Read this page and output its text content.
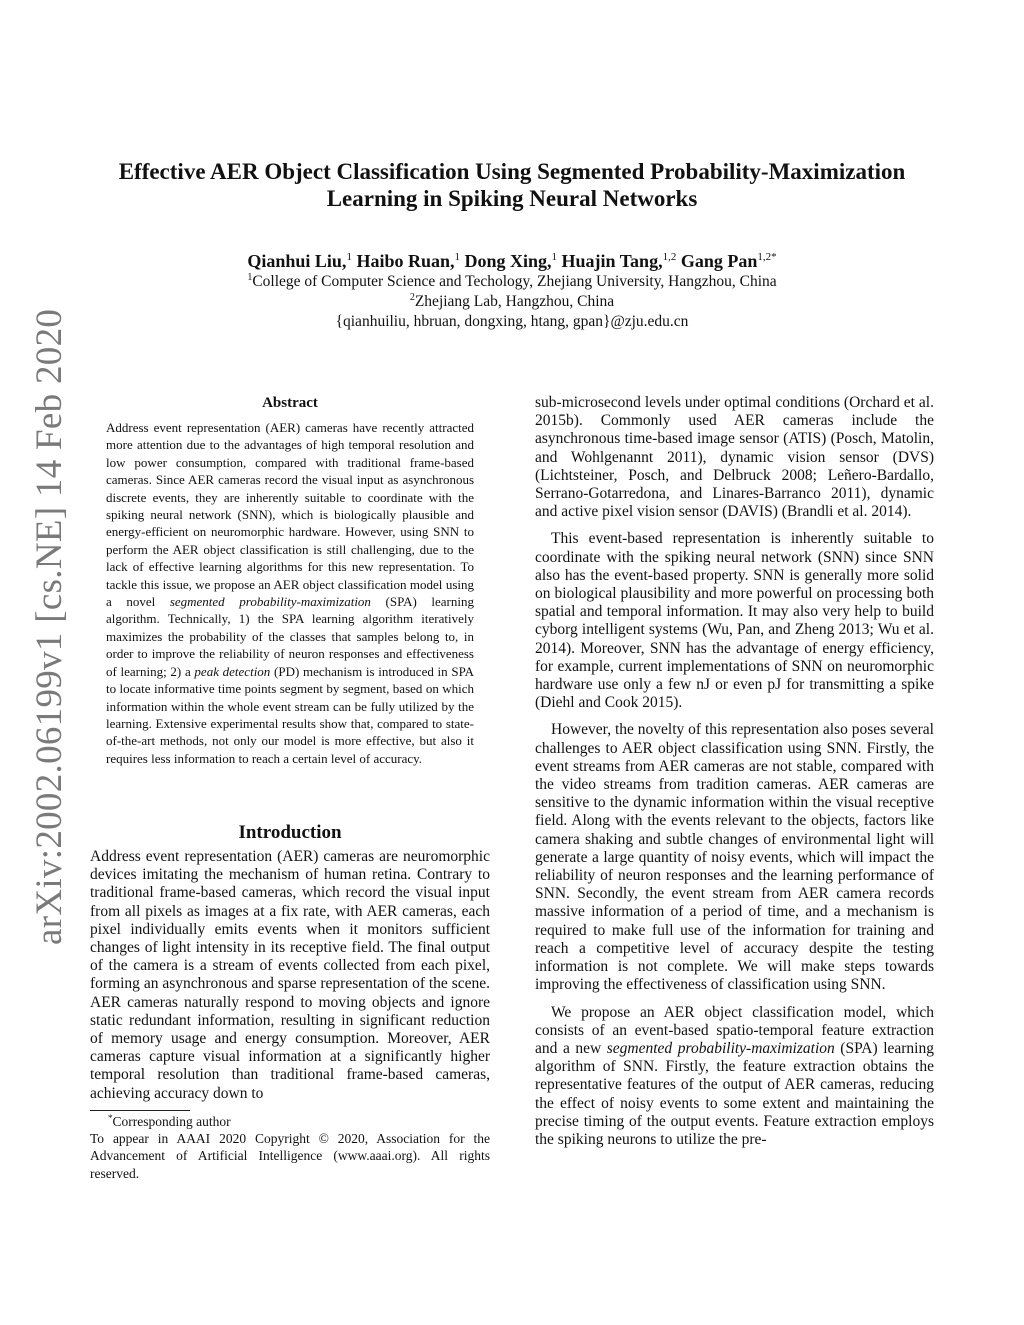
arXiv:2002.06199v1 [cs.NE] 14 Feb 2020
Effective AER Object Classification Using Segmented Probability-Maximization
Learning in Spiking Neural Networks
Qianhui Liu,$^1$ Haibo Ruan,$^1$ Dong Xing,$^1$ Huajin Tang,$^{1,2}$ Gang Pan$^{1,2*}$
$^1$College of Computer Science and Techology, Zhejiang University, Hangzhou, China
$^2$Zhejiang Lab, Hangzhou, China
{qianhuiliu, hbruan, dongxing, htang, gpan}@zju.edu.cn
Abstract

Address event representation (AER) cameras have recently attracted more attention due to the advantages of high temporal resolution and low power consumption, compared with traditional frame-based cameras. Since AER cameras record the visual input as asynchronous discrete events, they are inherently suitable to coordinate with the spiking neural network (SNN), which is biologically plausible and energy-efficient on neuromorphic hardware. However, using SNN to perform the AER object classification is still challenging, due to the lack of effective learning algorithms for this new representation. To tackle this issue, we propose an AER object classification model using a novel segmented probability-maximization (SPA) learning algorithm. Technically, 1) the SPA learning algorithm iteratively maximizes the probability of the classes that samples belong to, in order to improve the reliability of neuron responses and effectiveness of learning; 2) a peak detection (PD) mechanism is introduced in SPA to locate informative time points segment by segment, based on which information within the whole event stream can be fully utilized by the learning. Extensive experimental results show that, compared to state-of-the-art methods, not only our model is more effective, but also it requires less information to reach a certain level of accuracy.

Introduction

Address event representation (AER) cameras are neuromorphic devices imitating the mechanism of human retina. Contrary to traditional frame-based cameras, which record the visual input from all pixels as images at a fix rate, with AER cameras, each pixel individually emits events when it monitors sufficient changes of light intensity in its receptive field. The final output of the camera is a stream of events collected from each pixel, forming an asynchronous and sparse representation of the scene. AER cameras naturally respond to moving objects and ignore static redundant information, resulting in significant reduction of memory usage and energy consumption. Moreover, AER cameras capture visual information at a significantly higher temporal resolution than traditional frame-based cameras, achieving accuracy down to

*Corresponding author

To appear in AAAI 2020 Copyright © 2020, Association for the Advancement of Artificial Intelligence (www.aaai.org). All rights reserved.

sub-microsecond levels under optimal conditions (Orchard et al. 2015b). Commonly used AER cameras include the asynchronous time-based image sensor (ATIS) (Posch, Matolin, and Wohlgenannt 2011), dynamic vision sensor (DVS) (Lichtsteiner, Posch, and Delbruck 2008; Leñero-Bardallo, Serrano-Gotarredona, and Linares-Barranco 2011), dynamic and active pixel vision sensor (DAVIS) (Brandli et al. 2014).

This event-based representation is inherently suitable to coordinate with the spiking neural network (SNN) since SNN also has the event-based property. SNN is generally more solid on biological plausibility and more powerful on processing both spatial and temporal information. It may also very help to build cyborg intelligent systems (Wu, Pan, and Zheng 2013; Wu et al. 2014). Moreover, SNN has the advantage of energy efficiency, for example, current implementations of SNN on neuromorphic hardware use only a few nJ or even pJ for transmitting a spike (Diehl and Cook 2015).

However, the novelty of this representation also poses several challenges to AER object classification using SNN. Firstly, the event streams from AER cameras are not stable, compared with the video streams from tradition cameras. AER cameras are sensitive to the dynamic information within the visual receptive field. Along with the events relevant to the objects, factors like camera shaking and subtle changes of environmental light will generate a large quantity of noisy events, which will impact the reliability of neuron responses and the learning performance of SNN. Secondly, the event stream from AER camera records massive information of a period of time, and a mechanism is required to make full use of the information for training and reach a competitive level of accuracy despite the testing information is not complete. We will make steps towards improving the effectiveness of classification using SNN.

We propose an AER object classification model, which consists of an event-based spatio-temporal feature extraction and a new segmented probability-maximization (SPA) learning algorithm of SNN. Firstly, the feature extraction obtains the representative features of the output of AER cameras, reducing the effect of noisy events to some extent and maintaining the precise timing of the output events. Feature extraction employs the spiking neurons to utilize the pre-
